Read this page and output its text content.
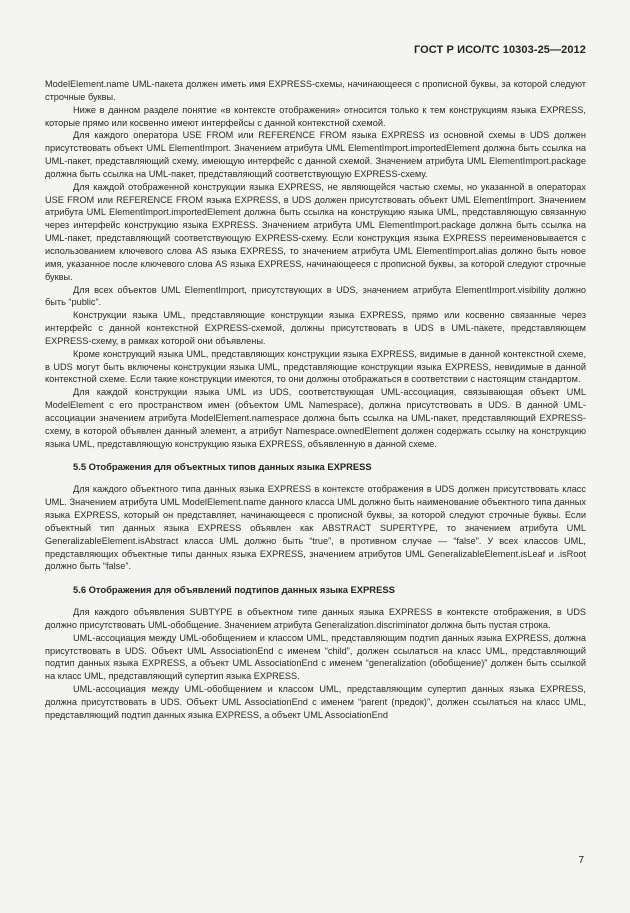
ГОСТ Р ИСО/ТС 10303-25—2012

ModelElement.name UML-пакета должен иметь имя EXPRESS-схемы, начинающееся с прописной буквы, за которой следуют строчные буквы.

Ниже в данном разделе понятие «в контексте отображения» относится только к тем конструкциям языка EXPRESS, которые прямо или косвенно имеют интерфейсы с данной контекстной схемой.

Для каждого оператора USE FROM или REFERENCE FROM языка EXPRESS из основной схемы в UDS должен присутствовать объект UML ElementImport. Значением атрибута UML ElementImport.importedElement должна быть ссылка на UML-пакет, представляющий схему, имеющую интерфейс с данной схемой. Значением атрибута UML ElementImport.package должна быть ссылка на UML-пакет, представляющий соответствующую EXPRESS-схему.

Для каждой отображенной конструкции языка EXPRESS, не являющейся частью схемы, но указанной в операторах USE FROM или REFERENCE FROM языка EXPRESS, в UDS должен присутствовать объект UML ElementImport. Значением атрибута UML ElementImport.importedElement должна быть ссылка на конструкцию языка UML, представляющую связанную через интерфейс конструкцию языка EXPRESS. Значением атрибута UML ElementImport.package должна быть ссылка на UML-пакет, представляющий соответствующую EXPRESS-схему. Если конструкция языка EXPRESS переименовывается с использованием ключевого слова AS языка EXPRESS, то значением атрибута UML ElementImport.alias должно быть новое имя, указанное после ключевого слова AS языка EXPRESS, начинающееся с прописной буквы, за которой следуют строчные буквы.

Для всех объектов UML ElementImport, присутствующих в UDS, значением атрибута ElementImport.visibility должно быть “public”.

Конструкции языка UML, представляющие конструкции языка EXPRESS, прямо или косвенно связанные через интерфейс с данной контекстной EXPRESS-схемой, должны присутствовать в UDS в UML-пакете, представляющем EXPRESS-схему, в рамках которой они объявлены.

Кроме конструкций языка UML, представляющих конструкции языка EXPRESS, видимые в данной контекстной схеме, в UDS могут быть включены конструкции языка UML, представляющие конструкции языка EXPRESS, невидимые в данной контекстной схеме. Если такие конструкции имеются, то они должны отображаться в соответствии с настоящим стандартом.

Для каждой конструкции языка UML из UDS, соответствующая UML-ассоциация, связывающая объект UML ModelElement с его пространством имен (объектом UML Namespace), должна присутствовать в UDS. В данной UML-ассоциации значением атрибута ModelElement.namespace должна быть ссылка на UML-пакет, представляющий EXPRESS-схему, в которой объявлен данный элемент, а атрибут Namespace.ownedElement должен содержать ссылку на конструкцию языка UML, представляющую конструкцию языка EXPRESS, объявленную в данной схеме.

5.5 Отображения для объектных типов данных языка EXPRESS

Для каждого объектного типа данных языка EXPRESS в контексте отображения в UDS должен присутствовать класс UML. Значением атрибута UML ModelElement.name данного класса UML должно быть наименование объектного типа данных языка EXPRESS, который он представляет, начинающееся с прописной буквы, за которой следуют строчные буквы. Если объектный тип данных языка EXPRESS объявлен как ABSTRACT SUPERTYPE, то значением атрибута UML GeneralizableElement.isAbstract класса UML должно быть “true”, в противном случае — “false”. У всех классов UML, представляющих объектные типы данных языка EXPRESS, значением атрибутов UML GeneralizableElement.isLeaf и .isRoot должно быть “false”.

5.6 Отображения для объявлений подтипов данных языка EXPRESS

Для каждого объявления SUBTYPE в объектном типе данных языка EXPRESS в контексте отображения, в UDS должно присутствовать UML-обобщение. Значением атрибута Generalization.discriminator должна быть пустая строка.

UML-ассоциация между UML-обобщением и классом UML, представляющим подтип данных языка EXPRESS, должна присутствовать в UDS. Объект UML AssociationEnd с именем “child”, должен ссылаться на класс UML, представляющий подтип данных языка EXPRESS, а объект UML AssociationEnd с именем “generalization (обобщение)” должен быть ссылкой на класс UML, представляющий супертип языка EXPRESS.

UML-ассоциация между UML-обобщением и классом UML, представляющим супертип данных языка EXPRESS, должна присутствовать в UDS. Объект UML AssociationEnd с именем “parent (предок)”, должен ссылаться на класс UML, представляющий подтип данных языка EXPRESS, а объект UML AssociationEnd

7
